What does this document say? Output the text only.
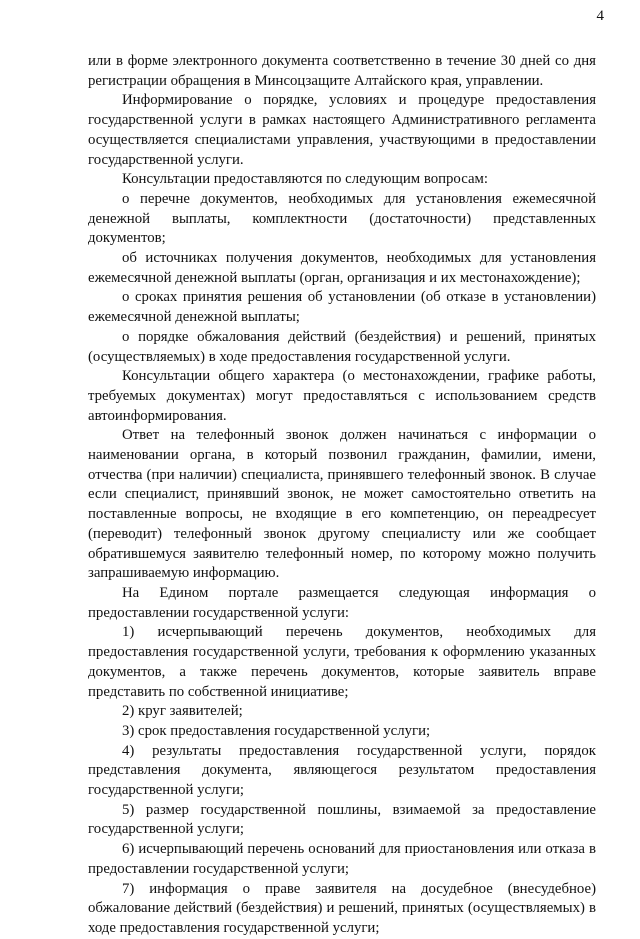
4

или в форме электронного документа соответственно в течение 30 дней со дня регистрации обращения в Минсоцзащите Алтайского края, управлении.

Информирование о порядке, условиях и процедуре предоставления государственной услуги в рамках настоящего Административного регламента осуществляется специалистами управления, участвующими в предоставлении государственной услуги.

Консультации предоставляются по следующим вопросам:

о перечне документов, необходимых для установления ежемесячной денежной выплаты, комплектности (достаточности) представленных документов;

об источниках получения документов, необходимых для установления ежемесячной денежной выплаты (орган, организация и их местонахождение);

о сроках принятия решения об установлении (об отказе в установлении) ежемесячной денежной выплаты;

о порядке обжалования действий (бездействия) и решений, принятых (осуществляемых) в ходе предоставления государственной услуги.

Консультации общего характера (о местонахождении, графике работы, требуемых документах) могут предоставляться с использованием средств автоинформирования.

Ответ на телефонный звонок должен начинаться с информации о наименовании органа, в который позвонил гражданин, фамилии, имени, отчества (при наличии) специалиста, принявшего телефонный звонок. В случае если специалист, принявший звонок, не может самостоятельно ответить на поставленные вопросы, не входящие в его компетенцию, он переадресует (переводит) телефонный звонок другому специалисту или же сообщает обратившемуся заявителю телефонный номер, по которому можно получить запрашиваемую информацию.

На Едином портале размещается следующая информация о предоставлении государственной услуги:

1) исчерпывающий перечень документов, необходимых для предоставления государственной услуги, требования к оформлению указанных документов, а также перечень документов, которые заявитель вправе представить по собственной инициативе;

2) круг заявителей;

3) срок предоставления государственной услуги;

4) результаты предоставления государственной услуги, порядок представления документа, являющегося результатом предоставления государственной услуги;

5) размер государственной пошлины, взимаемой за предоставление государственной услуги;

6) исчерпывающий перечень оснований для приостановления или отказа в предоставлении государственной услуги;

7) информация о праве заявителя на досудебное (внесудебное) обжалование действий (бездействия) и решений, принятых (осуществляемых) в ходе предоставления государственной услуги;
